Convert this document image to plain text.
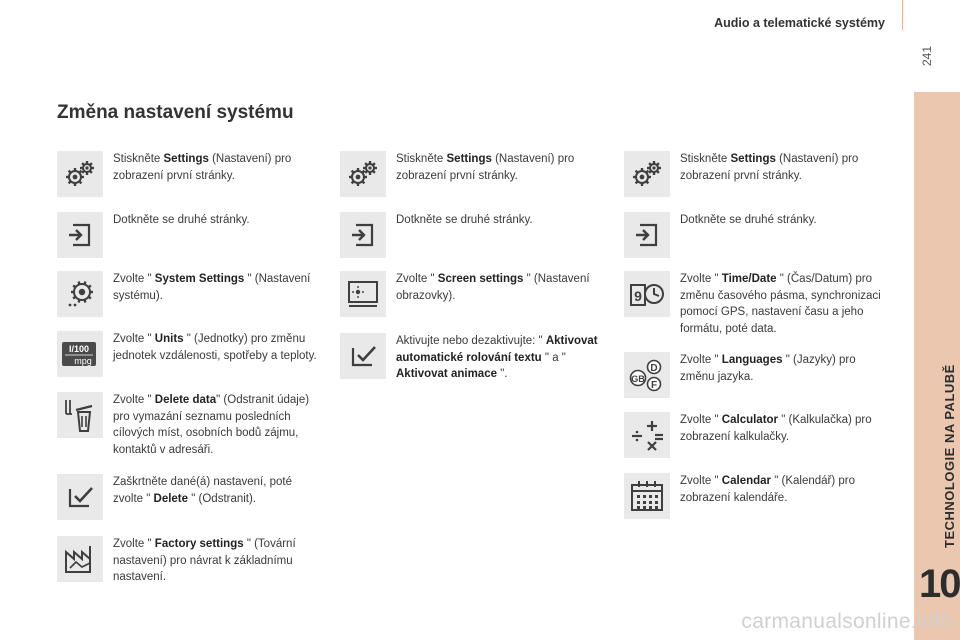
Audio a telematické systémy
241
TECHNOLOGIE NA PALUBĚ
10
Změna nastavení systému
Stiskněte Settings (Nastavení) pro zobrazení první stránky.
Dotkněte se druhé stránky.
Zvolte " System Settings " (Nastavení systému).
l/100
mpg
Zvolte " Units " (Jednotky) pro změnu jednotek vzdálenosti, spotřeby a teploty.
Zvolte " Delete data" (Odstranit údaje) pro vymazání seznamu posledních cílových míst, osobních bodů zájmu, kontaktů v adresáři.
Zaškrtněte dané(á) nastavení, poté zvolte " Delete " (Odstranit).
Zvolte " Factory settings " (Tovární nastavení) pro návrat k základnímu nastavení.
Stiskněte Settings (Nastavení) pro zobrazení první stránky.
Dotkněte se druhé stránky.
Zvolte " Screen settings " (Nastavení obrazovky).
Aktivujte nebo dezaktivujte: " Aktivovat automatické rolování textu " a " Aktivovat animace ".
Stiskněte Settings (Nastavení) pro zobrazení první stránky.
Dotkněte se druhé stránky.
9
Zvolte " Time/Date " (Čas/Datum) pro změnu časového pásma, synchronizaci pomocí GPS, nastavení času a jeho formátu, poté data.
D
GB
F
Zvolte " Languages " (Jazyky) pro změnu jazyka.
Zvolte " Calculator " (Kalkulačka) pro zobrazení kalkulačky.
Zvolte " Calendar " (Kalendář) pro zobrazení kalendáře.
carmanualsonline.info
